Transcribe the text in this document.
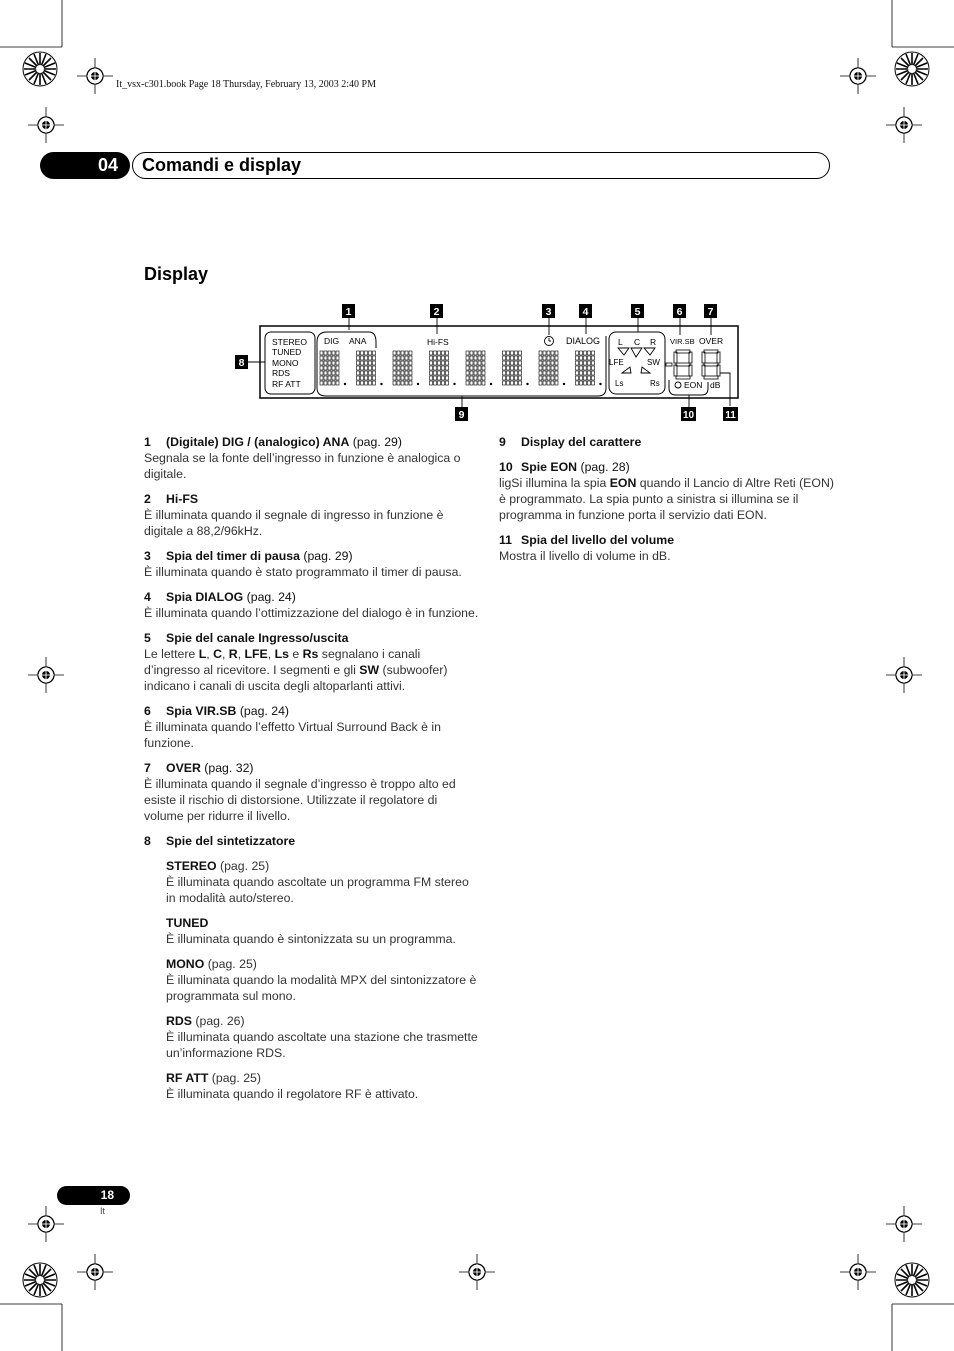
It_vsx-c301.book Page 18 Thursday, February 13, 2003 2:40 PM
04	Comandi e display
Display
STEREO
TUNED
MONO
RDS
RF ATT
DIG ANA	Hi-FS	DIALOG L C R
LFE	SW
Ls	Rs
VIR.SB OVER
EON dB
1	2	3	4	5	6 7
8
9	10	11
1 (Digitale) DIG / (analogico) ANA (pag. 29)
Segnala se la fonte dell’ingresso in funzione è analogica o digitale.
2 Hi-FS
È illuminata quando il segnale di ingresso in funzione è digitale a 88,2/96kHz.
3 Spia del timer di pausa (pag. 29)
È illuminata quando è stato programmato il timer di pausa.
4 Spia DIALOG (pag. 24)
È illuminata quando l’ottimizzazione del dialogo è in funzione.
5 Spie del canale Ingresso/uscita
Le lettere L, C, R, LFE, Ls e Rs segnalano i canali d’ingresso al ricevitore. I segmenti e gli SW (subwoofer) indicano i canali di uscita degli altoparlanti attivi.
6 Spia VIR.SB (pag. 24)
È illuminata quando l’effetto Virtual Surround Back è in funzione.
7 OVER (pag. 32)
È illuminata quando il segnale d’ingresso è troppo alto ed esiste il rischio di distorsione. Utilizzate il regolatore di volume per ridurre il livello.
8 Spie del sintetizzatore
STEREO (pag. 25)
È illuminata quando ascoltate un programma FM stereo in modalità auto/stereo.
TUNED
È illuminata quando è sintonizzata su un programma.
MONO (pag. 25)
È illuminata quando la modalità MPX del sintonizzatore è programmata sul mono.
RDS (pag. 26)
È illuminata quando ascoltate una stazione che trasmette un’informazione RDS.
RF ATT (pag. 25)
È illuminata quando il regolatore RF è attivato.
9 Display del carattere
10 Spie EON (pag. 28)
ligSi illumina la spia EON quando il Lancio di Altre Reti (EON) è programmato. La spia punto a sinistra si illumina se il programma in funzione porta il servizio dati EON.
11 Spia del livello del volume
Mostra il livello di volume in dB.
18
It
